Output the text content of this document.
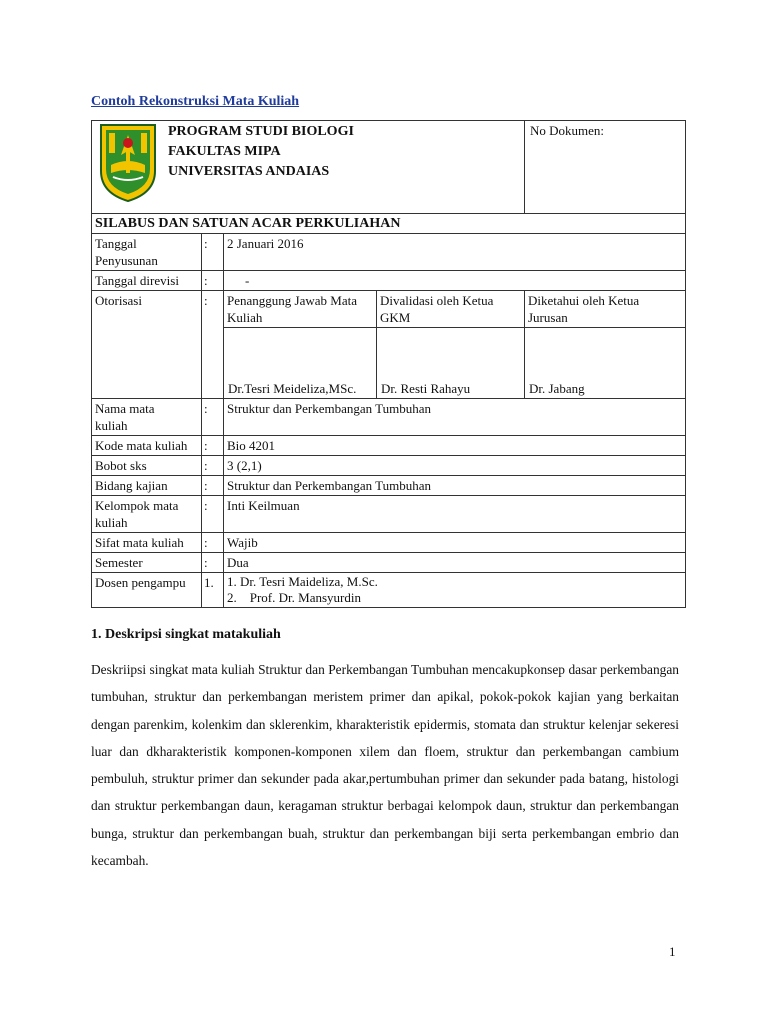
Contoh Rekonstruksi Mata Kuliah
PROGRAM STUDI BIOLOGI
FAKULTAS MIPA
UNIVERSITAS ANDAIAS				No Dokumen:
SILABUS DAN SATUAN ACAR PERKULIAHAN				

Tanggal
Penyusunan	:	2 Januari 2016		
Tanggal direvisi	:	-		
Otorisasi	:	Penanggung Jawab Mata Kuliah	Divalidasi oleh Ketua GKM	Diketahui oleh Ketua Jurusan

		Dr.Tesri Meideliza,MSc.	Dr. Resti Rahayu	Dr. Jabang

Nama mata
kuliah	:	Struktur dan Perkembangan Tumbuhan		
Kode mata kuliah	:	Bio 4201		
Bobot sks	:	3 (2,1)		
Bidang kajian	:	Struktur dan Perkembangan Tumbuhan		

Kelompok mata
kuliah	:	Inti Keilmuan		
Sifat mata kuliah	:	Wajib		
Semester	:	Dua		
Dosen pengampu	1.	1. Dr. Tesri Maideliza, M.Sc.
2.    Prof. Dr. Mansyurdin		
1. Deskripsi singkat matakuliah
Deskriipsi singkat mata kuliah Struktur dan Perkembangan Tumbuhan mencakupkonsep dasar perkembangan tumbuhan, struktur dan perkembangan meristem primer dan apikal, pokok-pokok kajian yang berkaitan dengan parenkim, kolenkim dan sklerenkim, kharakteristik epidermis, stomata dan struktur kelenjar sekeresi luar dan dkharakteristik komponen-komponen xilem dan floem, struktur dan perkembangan cambium pembuluh, struktur primer dan sekunder pada akar,pertumbuhan primer dan sekunder pada batang, histologi dan struktur perkembangan daun, keragaman struktur berbagai kelompok daun, struktur dan perkembangan bunga, struktur dan perkembangan buah, struktur dan perkembangan biji serta perkembangan embrio dan kecambah.
1
